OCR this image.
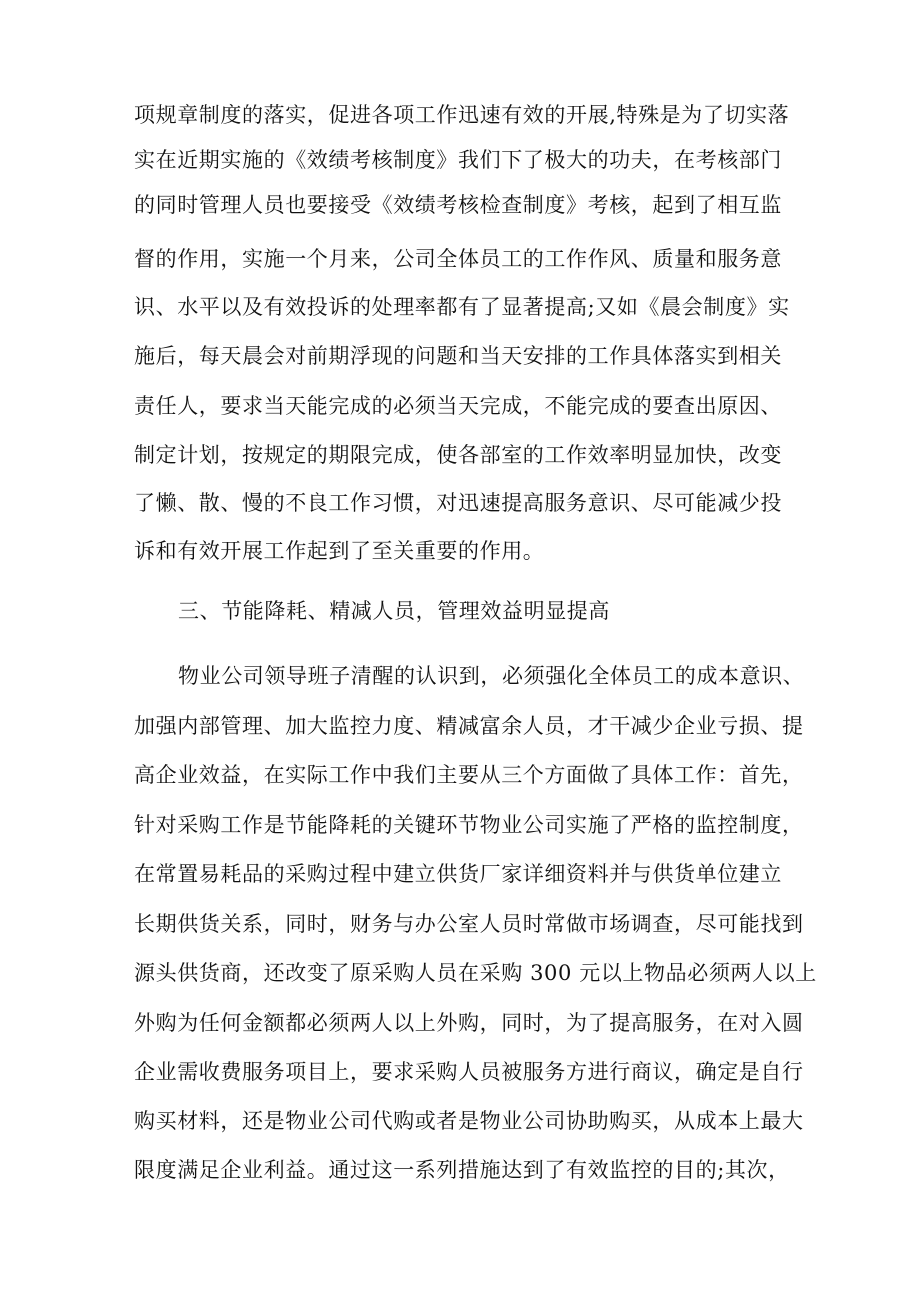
项规章制度的落实，促进各项工作迅速有效的开展,特殊是为了切实落
实在近期实施的《效绩考核制度》我们下了极大的功夫，在考核部门
的同时管理人员也要接受《效绩考核检查制度》考核，起到了相互监
督的作用，实施一个月来，公司全体员工的工作作风、质量和服务意
识、水平以及有效投诉的处理率都有了显著提高;又如《晨会制度》实
施后，每天晨会对前期浮现的问题和当天安排的工作具体落实到相关
责任人，要求当天能完成的必须当天完成，不能完成的要查出原因、
制定计划，按规定的期限完成，使各部室的工作效率明显加快，改变
了懒、散、慢的不良工作习惯，对迅速提高服务意识、尽可能减少投
诉和有效开展工作起到了至关重要的作用。
三、节能降耗、精减人员，管理效益明显提高
物业公司领导班子清醒的认识到，必须强化全体员工的成本意识、
加强内部管理、加大监控力度、精减富余人员，才干减少企业亏损、提
高企业效益，在实际工作中我们主要从三个方面做了具体工作：首先，
针对采购工作是节能降耗的关键环节物业公司实施了严格的监控制度，
在常置易耗品的采购过程中建立供货厂家详细资料并与供货单位建立
长期供货关系，同时，财务与办公室人员时常做市场调查，尽可能找到
源头供货商，还改变了原采购人员在采购 300 元以上物品必须两人以上
外购为任何金额都必须两人以上外购，同时，为了提高服务，在对入圆
企业需收费服务项目上，要求采购人员被服务方进行商议，确定是自行
购买材料，还是物业公司代购或者是物业公司协助购买，从成本上最大
限度满足企业利益。通过这一系列措施达到了有效监控的目的;其次，
